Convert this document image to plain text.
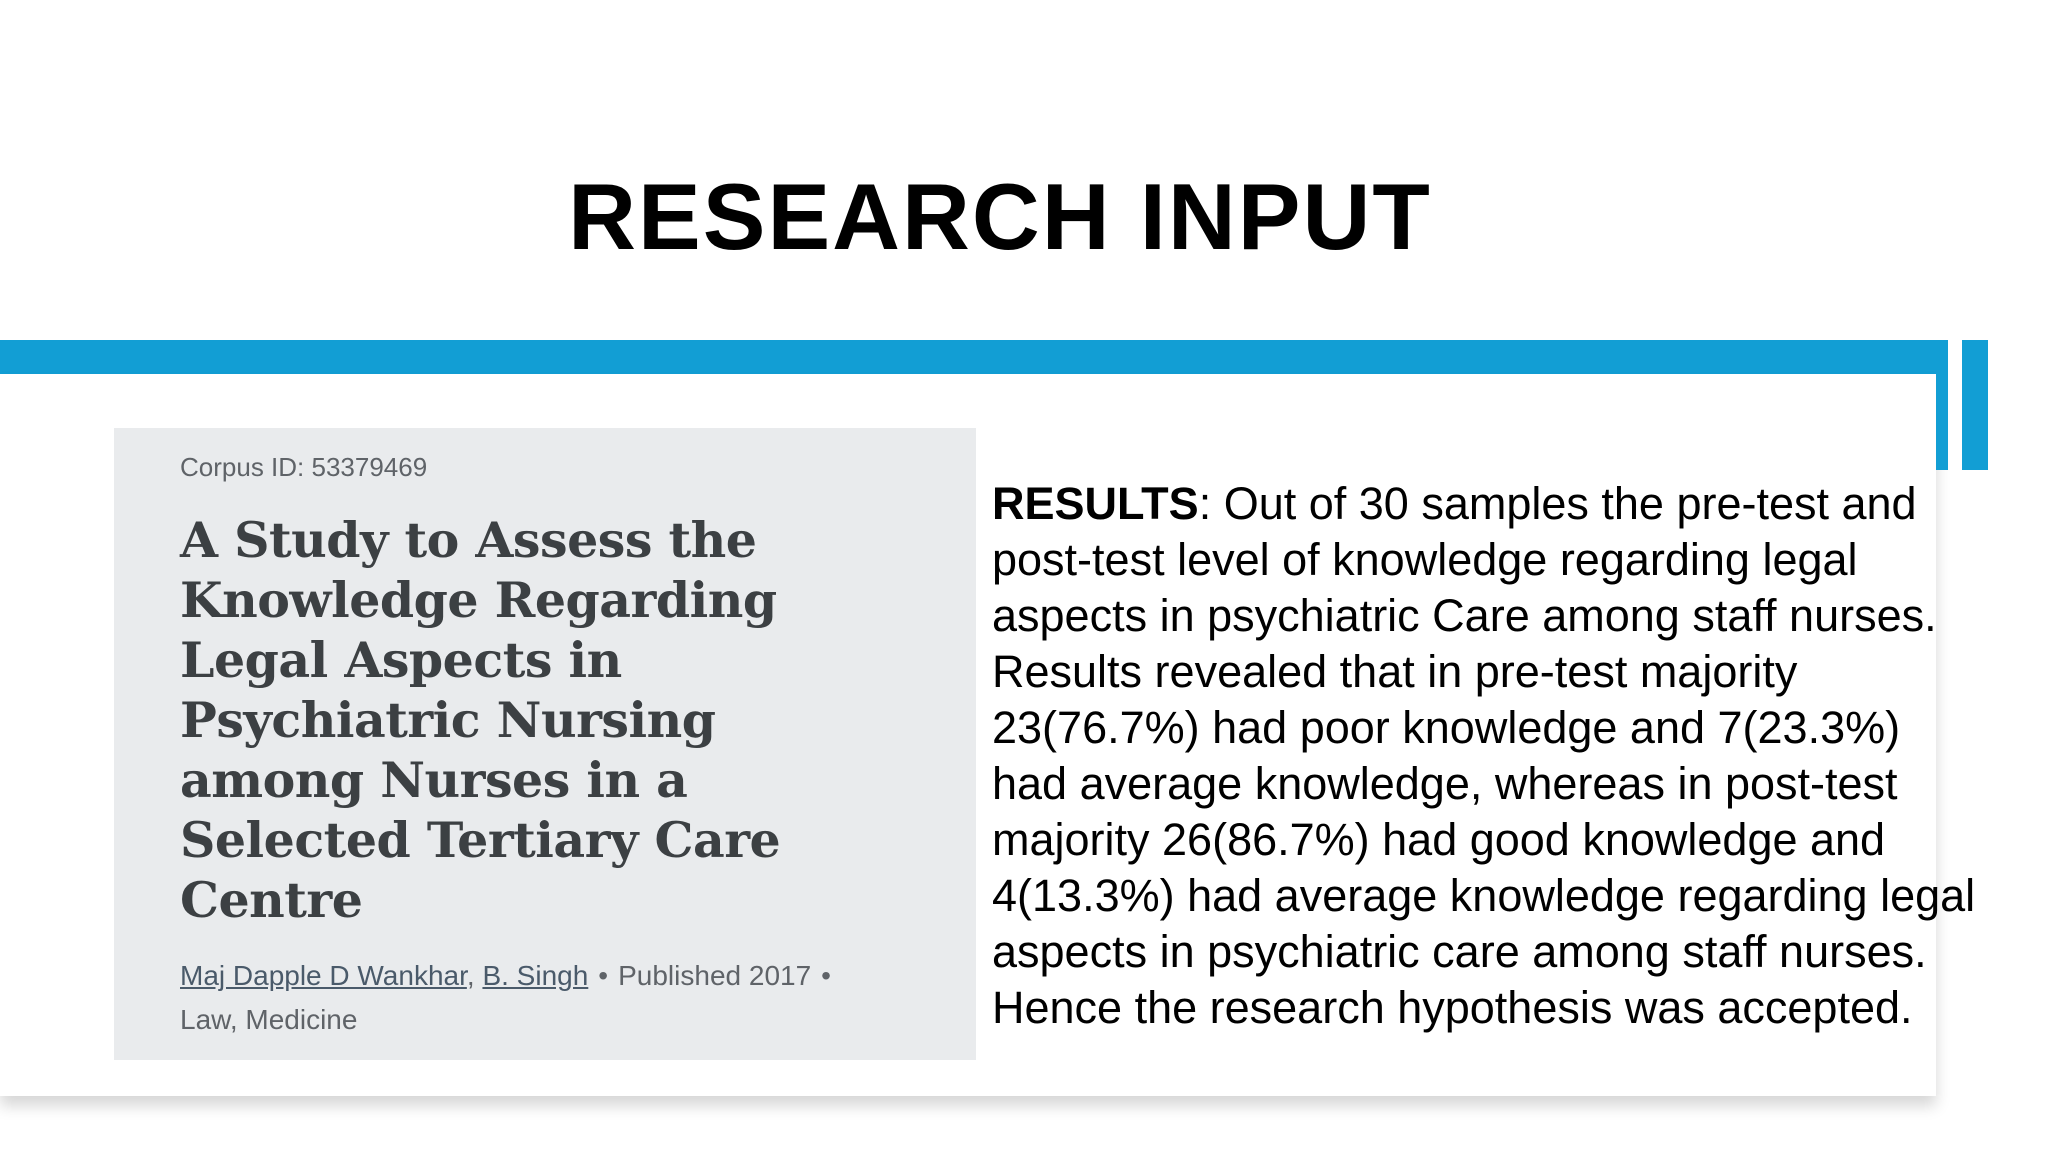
RESEARCH INPUT
Corpus ID: 53379469
A Study to Assess the
Knowledge Regarding
Legal Aspects in
Psychiatric Nursing
among Nurses in a
Selected Tertiary Care
Centre
Maj Dapple D Wankhar, B. Singh • Published 2017 •
Law, Medicine
RESULTS: Out of 30 samples the pre-test and
post-test level of knowledge regarding legal
aspects in psychiatric Care among staff nurses.
Results revealed that in pre-test majority
23(76.7%) had poor knowledge and 7(23.3%)
had average knowledge, whereas in post-test
majority 26(86.7%) had good knowledge and
4(13.3%) had average knowledge regarding legal
aspects in psychiatric care among staff nurses.
Hence the research hypothesis was accepted.
